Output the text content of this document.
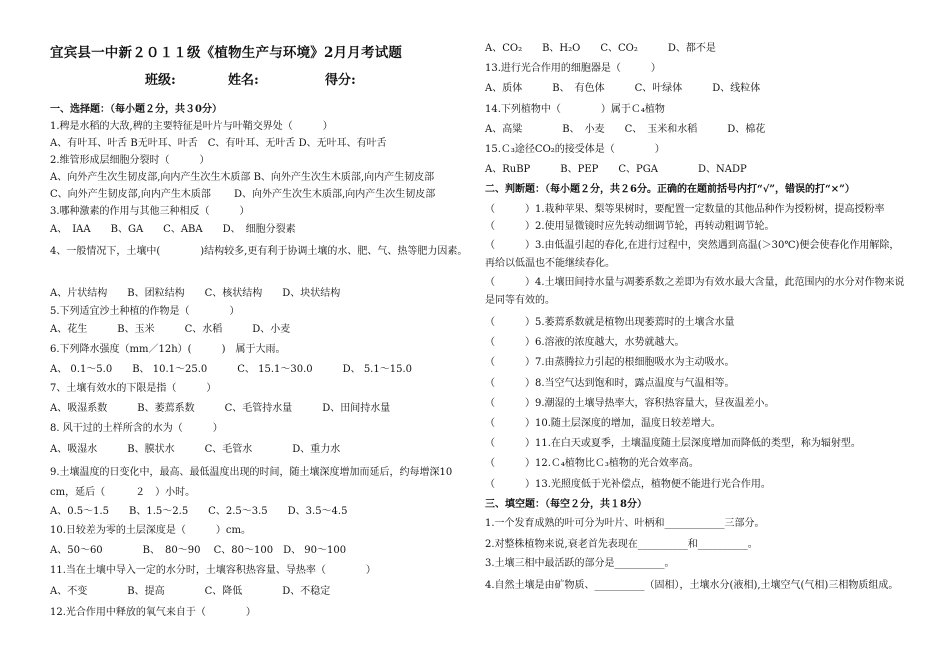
宜宾县一中新２０１１级《植物生产与环境》2月月考试题
一、选择题：（每小题２分，共３0分）
1.稗是水稻的大敌,稗的主要特征是叶片与叶鞘交界处（　　　）
A、有叶耳、叶舌 B无叶耳、叶舌　C、有叶耳、无叶舌 D、无叶耳、有叶舌
2.维管形成层细胞分裂时（　　　）
A、向外产生次生韧皮部,向内产生次生木质部 B、向外产生次生木质部,向内产生韧皮部
C、向外产生韧皮部,向内产生木质部　　 D、向外产生次生木质部,向内产生次生韧皮部
3.哪种激素的作用与其他三种相反（　　　）
A、　IAA　　B、GA　　C、ABA　　D、　细胞分裂素
4、一般情况下，土壤中(　　　　)结构较多,更有利于协调土壤的水、肥、气、热等肥力因素。
A、片状结构　　B、团粒结构　　C、核状结构　　D、块状结构
5.下列适宜沙土种植的作物是（　　　　）
A、花生　　　B、玉米　　　C、水稻　　　D、小麦
6.下列降水强度（mm／12h）(　　　)　属于大雨。
A、 0.1～5.0　　B、 10.1～25.0　　　C、 15.1～30.0　　　D、 5.1～15.0
7、土壤有效水的下限是指（　　　）
A、吸湿系数　　　B、萎蔫系数　　　C、毛管持水量　　　D、田间持水量
8. 风干过的土样所含的水为（　　　）
A、吸湿水　　　B、膜状水　　　C、毛管水　　　　D、重力水
9.土壤温度的日变化中，最高、最低温度出现的时间，随土壤深度增加而延后，约每增深10 cm，延后（　　　２　）小时。
A、0.5～1.5　　B、1.5～2.5　　C、2.5～3.5　　D、3.5～4.5
10.日较差为零的土层深度是（　　　）cm。
A、50～60　　　　B、　80～90　 C、80～100　D、 90～100
11.当在土壤中导入一定的水分时，土壤容积热容量、导热率（　　　　）
A、不变　　　　B、提高　　　　C、降低　　　　D、不稳定
12.光合作用中释放的氧气来自于（　　　　）
班级:	姓名:	得分:
A、CO₂　　B、H₂O　　C、CO₂　　　D、都不是
13.进行光合作用的细胞器是（　　　）
A、质体　　　B、　有色体　　　C、叶绿体　　　D、线粒体
14.下列植物中（　　　　）属于Ｃ₄植物
A、高粱　　　　B、　小麦　　C、　玉米和水稻　　　D、棉花
15.Ｃ₃途径CO₂的接受体是（　　　　）
A、RuBP　　　B、PEP　　C、PGA　　　　D、NADP
二、判断题：（每小题２分，共２6分。正确的在题前括号内打“√”，错误的打“×”）
（　　　）1.栽种苹果、梨等果树时，要配置一定数量的其他品种作为授粉树，提高授粉率
（　　　）2.使用显微镜时应先转动细调节轮，再转动粗调节轮。
（　　　）3.由低温引起的春化,在进行过程中，突然遇到高温(＞30℃)便会使春化作用解除，再给以低温也不能继续春化。
（　　　）4.土壤田间持水量与凋萎系数之差即为有效水最大含量，此范围内的水分对作物来说是同等有效的。
（　　　）5.萎蔫系数就是植物出现萎蔫时的土壤含水量
（　　　）6.溶液的浓度越大，水势就越大。
（　　　）7.由蒸腾拉力引起的根细胞吸水为主动吸水。
（　　　）8.当空气达到饱和时，露点温度与气温相等。
（　　　）9.潮湿的土壤导热率大，容积热容量大，昼夜温差小。
（　　　）10.随土层深度的增加，温度日较差增大。
（　　　）11.在白天或夏季，土壤温度随土层深度增加而降低的类型，称为辐射型。
（　　　）12.Ｃ₄植物比Ｃ₃植物的光合效率高。
（　　　）13.光照度低于光补偿点，植物便不能进行光合作用。
三、填空题：（每空２分，共１8分）
1.一个发育成熟的叶可分为叶片、叶柄和____________三部分。
2.对整株植物来说,衰老首先表现在__________和__________。
3.土壤三相中最活跃的部分是__________。
4.自然土壤是由矿物质、__________（固相），土壤水分(液相),土壤空气(气相)三相物质组成。
